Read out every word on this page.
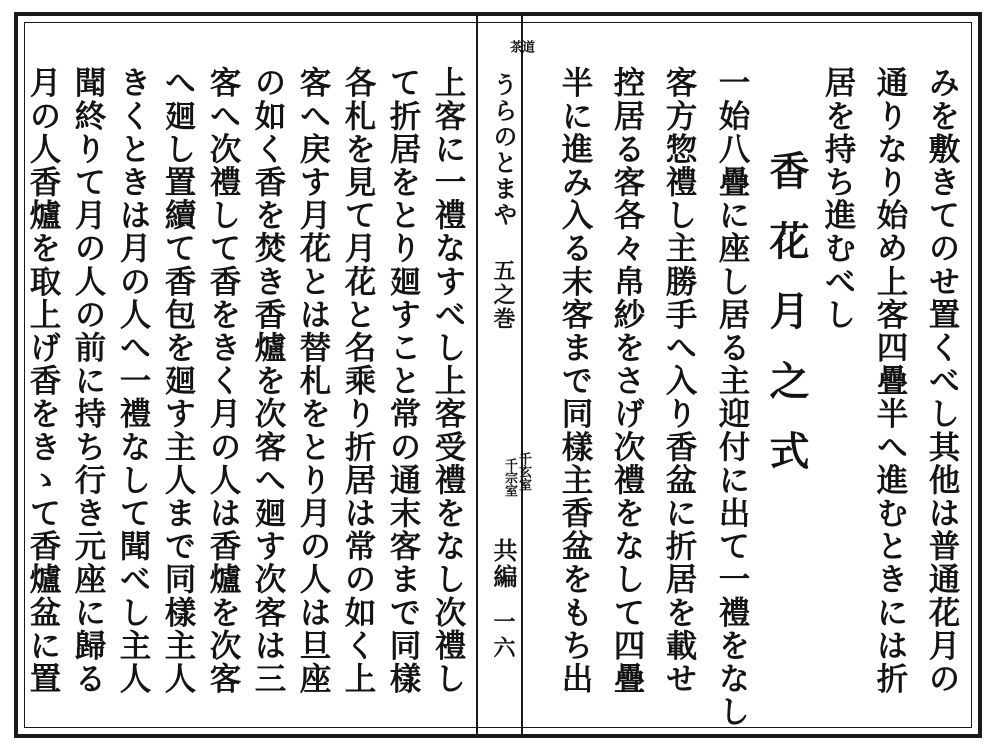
みを敷きてのせ置くべし其他は普通花月の
通りなり始め上客四疊半へ進むときには折
居を持ち進むべし
香花月之式
一始八疊に座し居る主迎付に出て一禮をなし
客方惣禮し主勝手へ入り香盆に折居を載せ
控居る客各々帛紗をさげ次禮をなして四疊
半に進み入る末客まで同樣主香盆をもち出
茶
道
うらのとまや 五之巻
千玄室
千宗室
共編
一六
上客に一禮なすべし上客受禮をなし次禮し
て折居をとり廻すこと常の通末客まで同樣
各札を見て月花と名乘り折居は常の如く上
客へ戻す月花とは替札をとり月の人は旦座
の如く香を焚き香爐を次客へ廻す次客は三
客へ次禮して香をきく月の人は香爐を次客
へ廻し置續て香包を廻す主人まで同樣主人
きくときは月の人へ一禮なして聞べし主人
聞終りて月の人の前に持ち行き元座に歸る
月の人香爐を取上げ香をきゝて香爐盆に置
